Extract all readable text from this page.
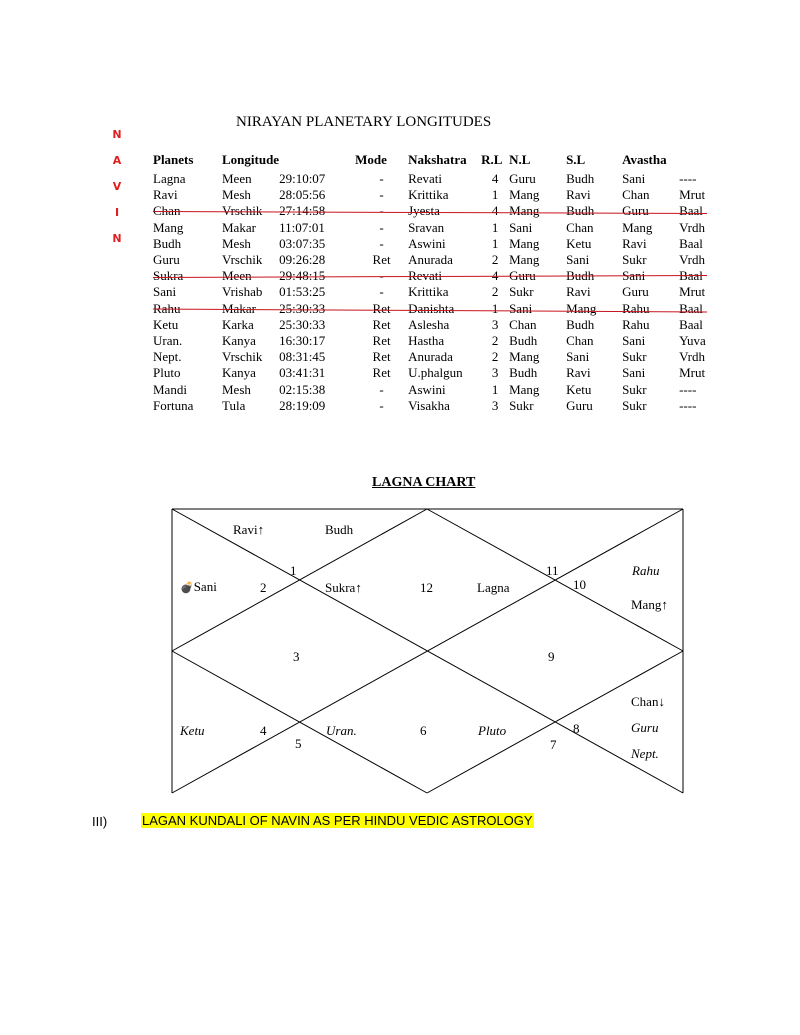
N
A
V
I
N
NIRAYAN PLANETARY LONGITUDES
Planets	Longitude		Mode	Nakshatra	R.L	N.L	S.L	Avastha	
Lagna	Meen	29:10:07	-	Revati	4	Guru	Budh	Sani	----
Ravi	Mesh	28:05:56	-	Krittika	1	Mang	Ravi	Chan	Mrut
Chan	Vrschik	27:14:58	-	Jyesta	4	Mang	Budh	Guru	Baal
Mang	Makar	11:07:01	-	Sravan	1	Sani	Chan	Mang	Vrdh
Budh	Mesh	03:07:35	-	Aswini	1	Mang	Ketu	Ravi	Baal
Guru	Vrschik	09:26:28	Ret	Anurada	2	Mang	Sani	Sukr	Vrdh
Sukra	Meen	29:48:15	-	Revati	4	Guru	Budh	Sani	Baal
Sani	Vrishab	01:53:25	-	Krittika	2	Sukr	Ravi	Guru	Mrut
Rahu	Makar	25:30:33	Ret	Danishta	1	Sani	Mang	Rahu	Baal
Ketu	Karka	25:30:33	Ret	Aslesha	3	Chan	Budh	Rahu	Baal
Uran.	Kanya	16:30:17	Ret	Hastha	2	Budh	Chan	Sani	Yuva
Nept.	Vrschik	08:31:45	Ret	Anurada	2	Mang	Sani	Sukr	Vrdh
Pluto	Kanya	03:41:31	Ret	U.phalgun	3	Budh	Ravi	Sani	Mrut
Mandi	Mesh	02:15:38	-	Aswini	1	Mang	Ketu	Sukr	----
Fortuna	Tula	28:19:09	-	Visakha	3	Sukr	Guru	Sukr	----
LAGNA CHART
1
2
3
4
5
6
7
8
9
10
11
12
Ravi↑	Budh
💣Sani	Sukra↑	Lagna
Rahu
Mang↑
Ketu	Uran.	Pluto
Chan↓
Guru
Nept.
III)	LAGAN KUNDALI OF NAVIN AS PER HINDU VEDIC ASTROLOGY
